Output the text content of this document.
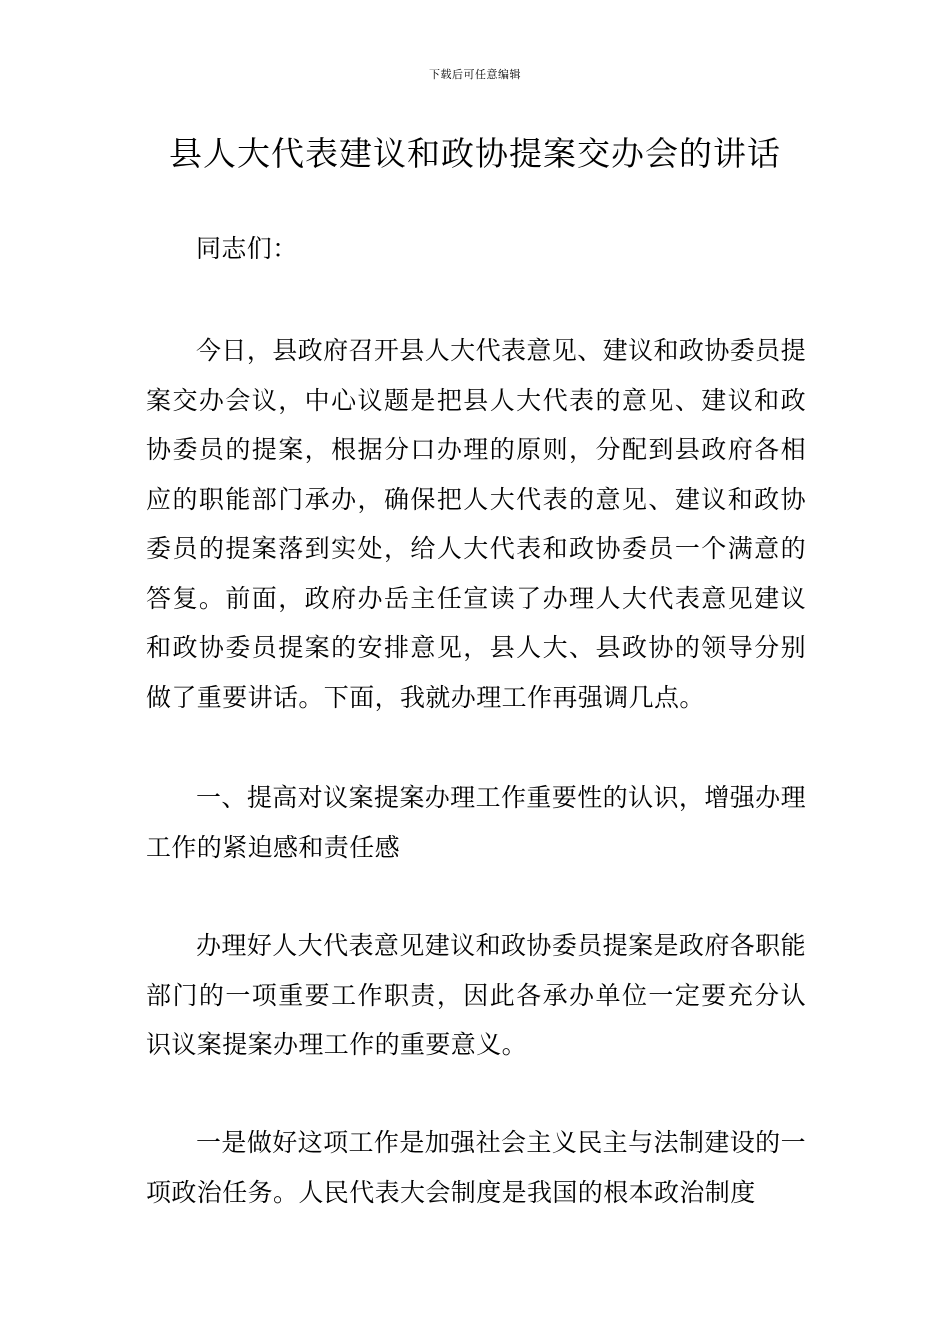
下载后可任意编辑
县人大代表建议和政协提案交办会的讲话

同志们：

今日，县政府召开县人大代表意见、建议和政协委员提案交办会议，中心议题是把县人大代表的意见、建议和政协委员的提案，根据分口办理的原则，分配到县政府各相应的职能部门承办，确保把人大代表的意见、建议和政协委员的提案落到实处，给人大代表和政协委员一个满意的答复。前面，政府办岳主任宣读了办理人大代表意见建议和政协委员提案的安排意见，县人大、县政协的领导分别做了重要讲话。下面，我就办理工作再强调几点。

一、提高对议案提案办理工作重要性的认识，增强办理工作的紧迫感和责任感

办理好人大代表意见建议和政协委员提案是政府各职能部门的一项重要工作职责，因此各承办单位一定要充分认识议案提案办理工作的重要意义。

一是做好这项工作是加强社会主义民主与法制建设的一项政治任务。人民代表大会制度是我国的根本政治制度
